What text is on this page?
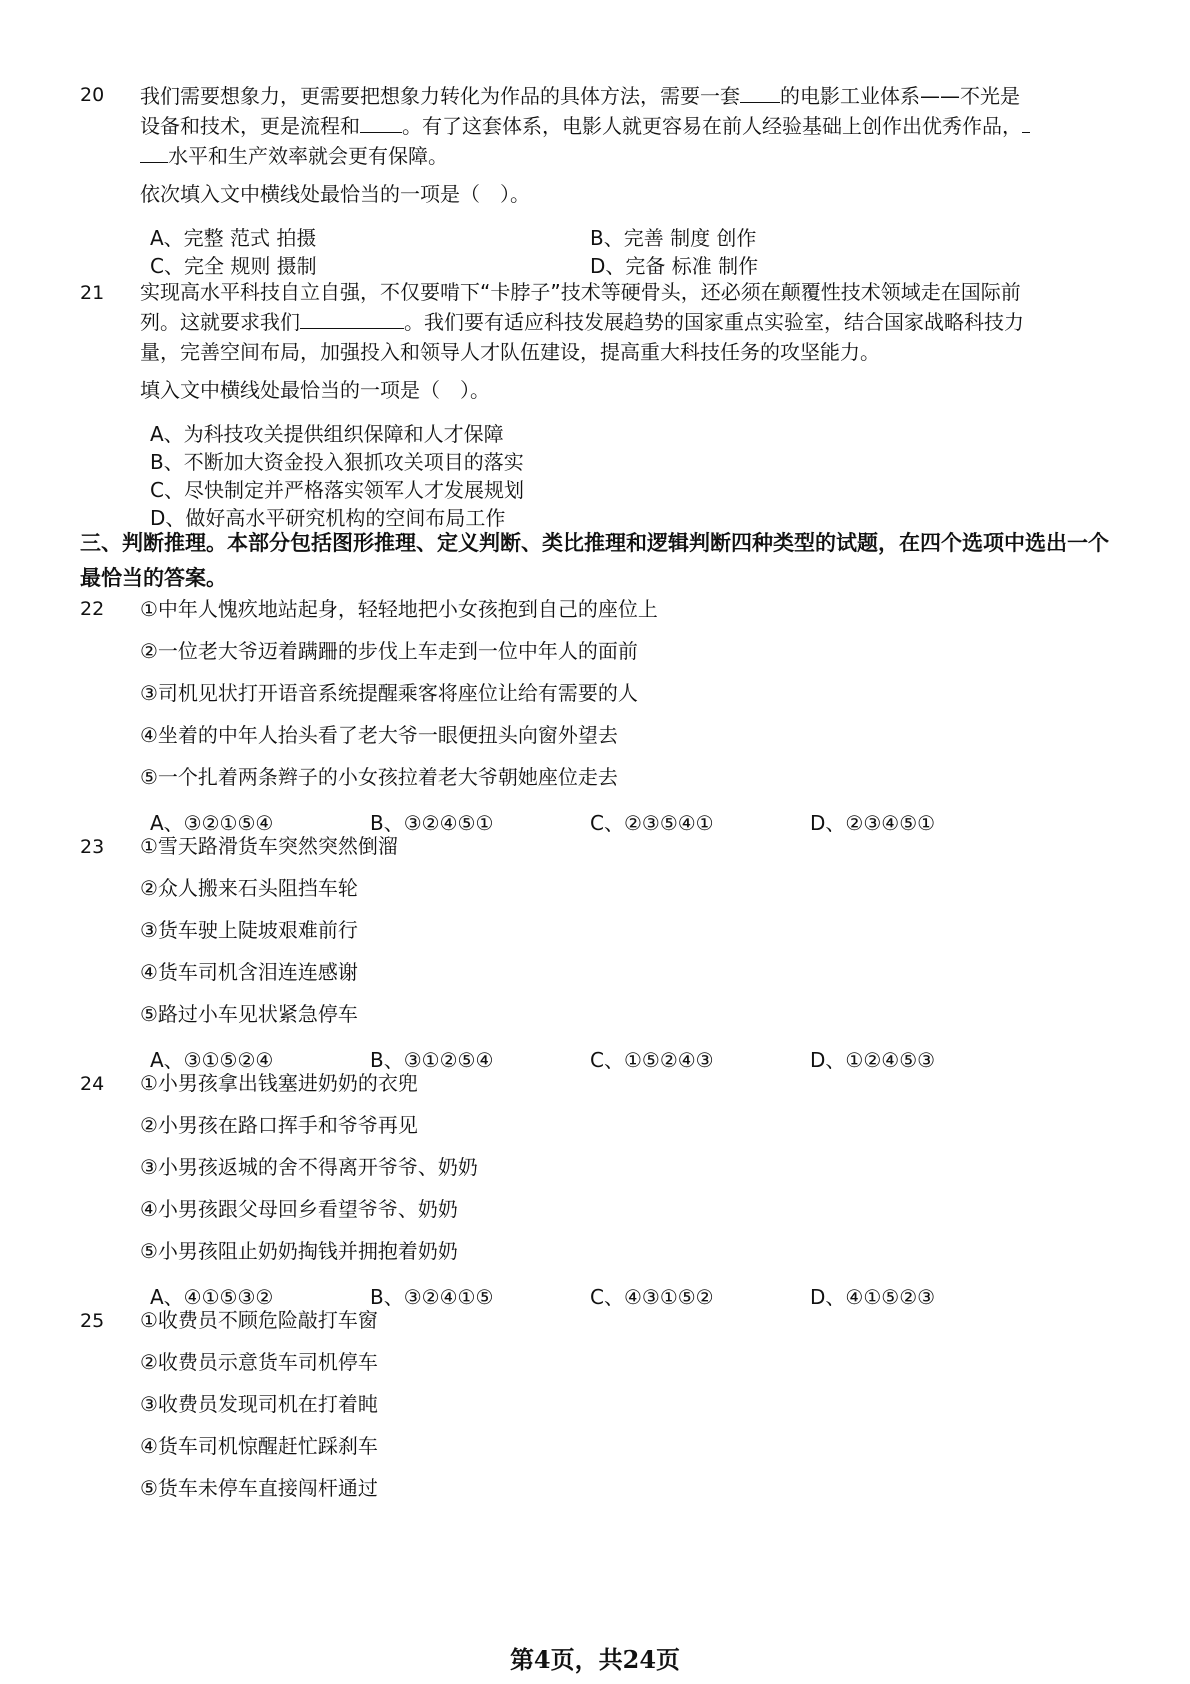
20 我们需要想象力，更需要把想象力转化为作品的具体方法，需要一套 的电影工业体系——不光是
设备和技术，更是流程和 。有了这套体系，电影人就更容易在前人经验基础上创作出优秀作品，
水平和生产效率就会更有保障。
依次填入文中横线处最恰当的一项是（　）。
A、完整 范式 拍摄	B、完善 制度 创作
C、完全 规则 摄制	D、完备 标准 制作
21 实现高水平科技自立自强，不仅要啃下“卡脖子”技术等硬骨头，还必须在颠覆性技术领域走在国际前
列。这就要求我们	。我们要有适应科技发展趋势的国家重点实验室，结合国家战略科技力
量，完善空间布局，加强投入和领导人才队伍建设，提高重大科技任务的攻坚能力。
填入文中横线处最恰当的一项是（　）。
A、为科技攻关提供组织保障和人才保障
B、不断加大资金投入狠抓攻关项目的落实
C、尽快制定并严格落实领军人才发展规划
D、做好高水平研究机构的空间布局工作
三、判断推理。本部分包括图形推理、定义判断、类比推理和逻辑判断四种类型的试题，在四个选项中选出一个最恰当的答案。
22 ①中年人愧疚地站起身，轻轻地把小女孩抱到自己的座位上
②一位老大爷迈着蹒跚的步伐上车走到一位中年人的面前
③司机见状打开语音系统提醒乘客将座位让给有需要的人
④坐着的中年人抬头看了老大爷一眼便扭头向窗外望去
⑤一个扎着两条辫子的小女孩拉着老大爷朝她座位走去
A、③②①⑤④	B、③②④⑤①	C、②③⑤④①	D、②③④⑤①
23 ①雪天路滑货车突然突然倒溜
②众人搬来石头阻挡车轮
③货车驶上陡坡艰难前行
④货车司机含泪连连感谢
⑤路过小车见状紧急停车
A、③①⑤②④	B、③①②⑤④	C、①⑤②④③	D、①②④⑤③
24 ①小男孩拿出钱塞进奶奶的衣兜
②小男孩在路口挥手和爷爷再见
③小男孩返城的舍不得离开爷爷、奶奶
④小男孩跟父母回乡看望爷爷、奶奶
⑤小男孩阻止奶奶掏钱并拥抱着奶奶
A、④①⑤③②	B、③②④①⑤	C、④③①⑤②	D、④①⑤②③
25 ①收费员不顾危险敲打车窗
②收费员示意货车司机停车
③收费员发现司机在打着盹
④货车司机惊醒赶忙踩刹车
⑤货车未停车直接闯杆通过
第4页，共24页
